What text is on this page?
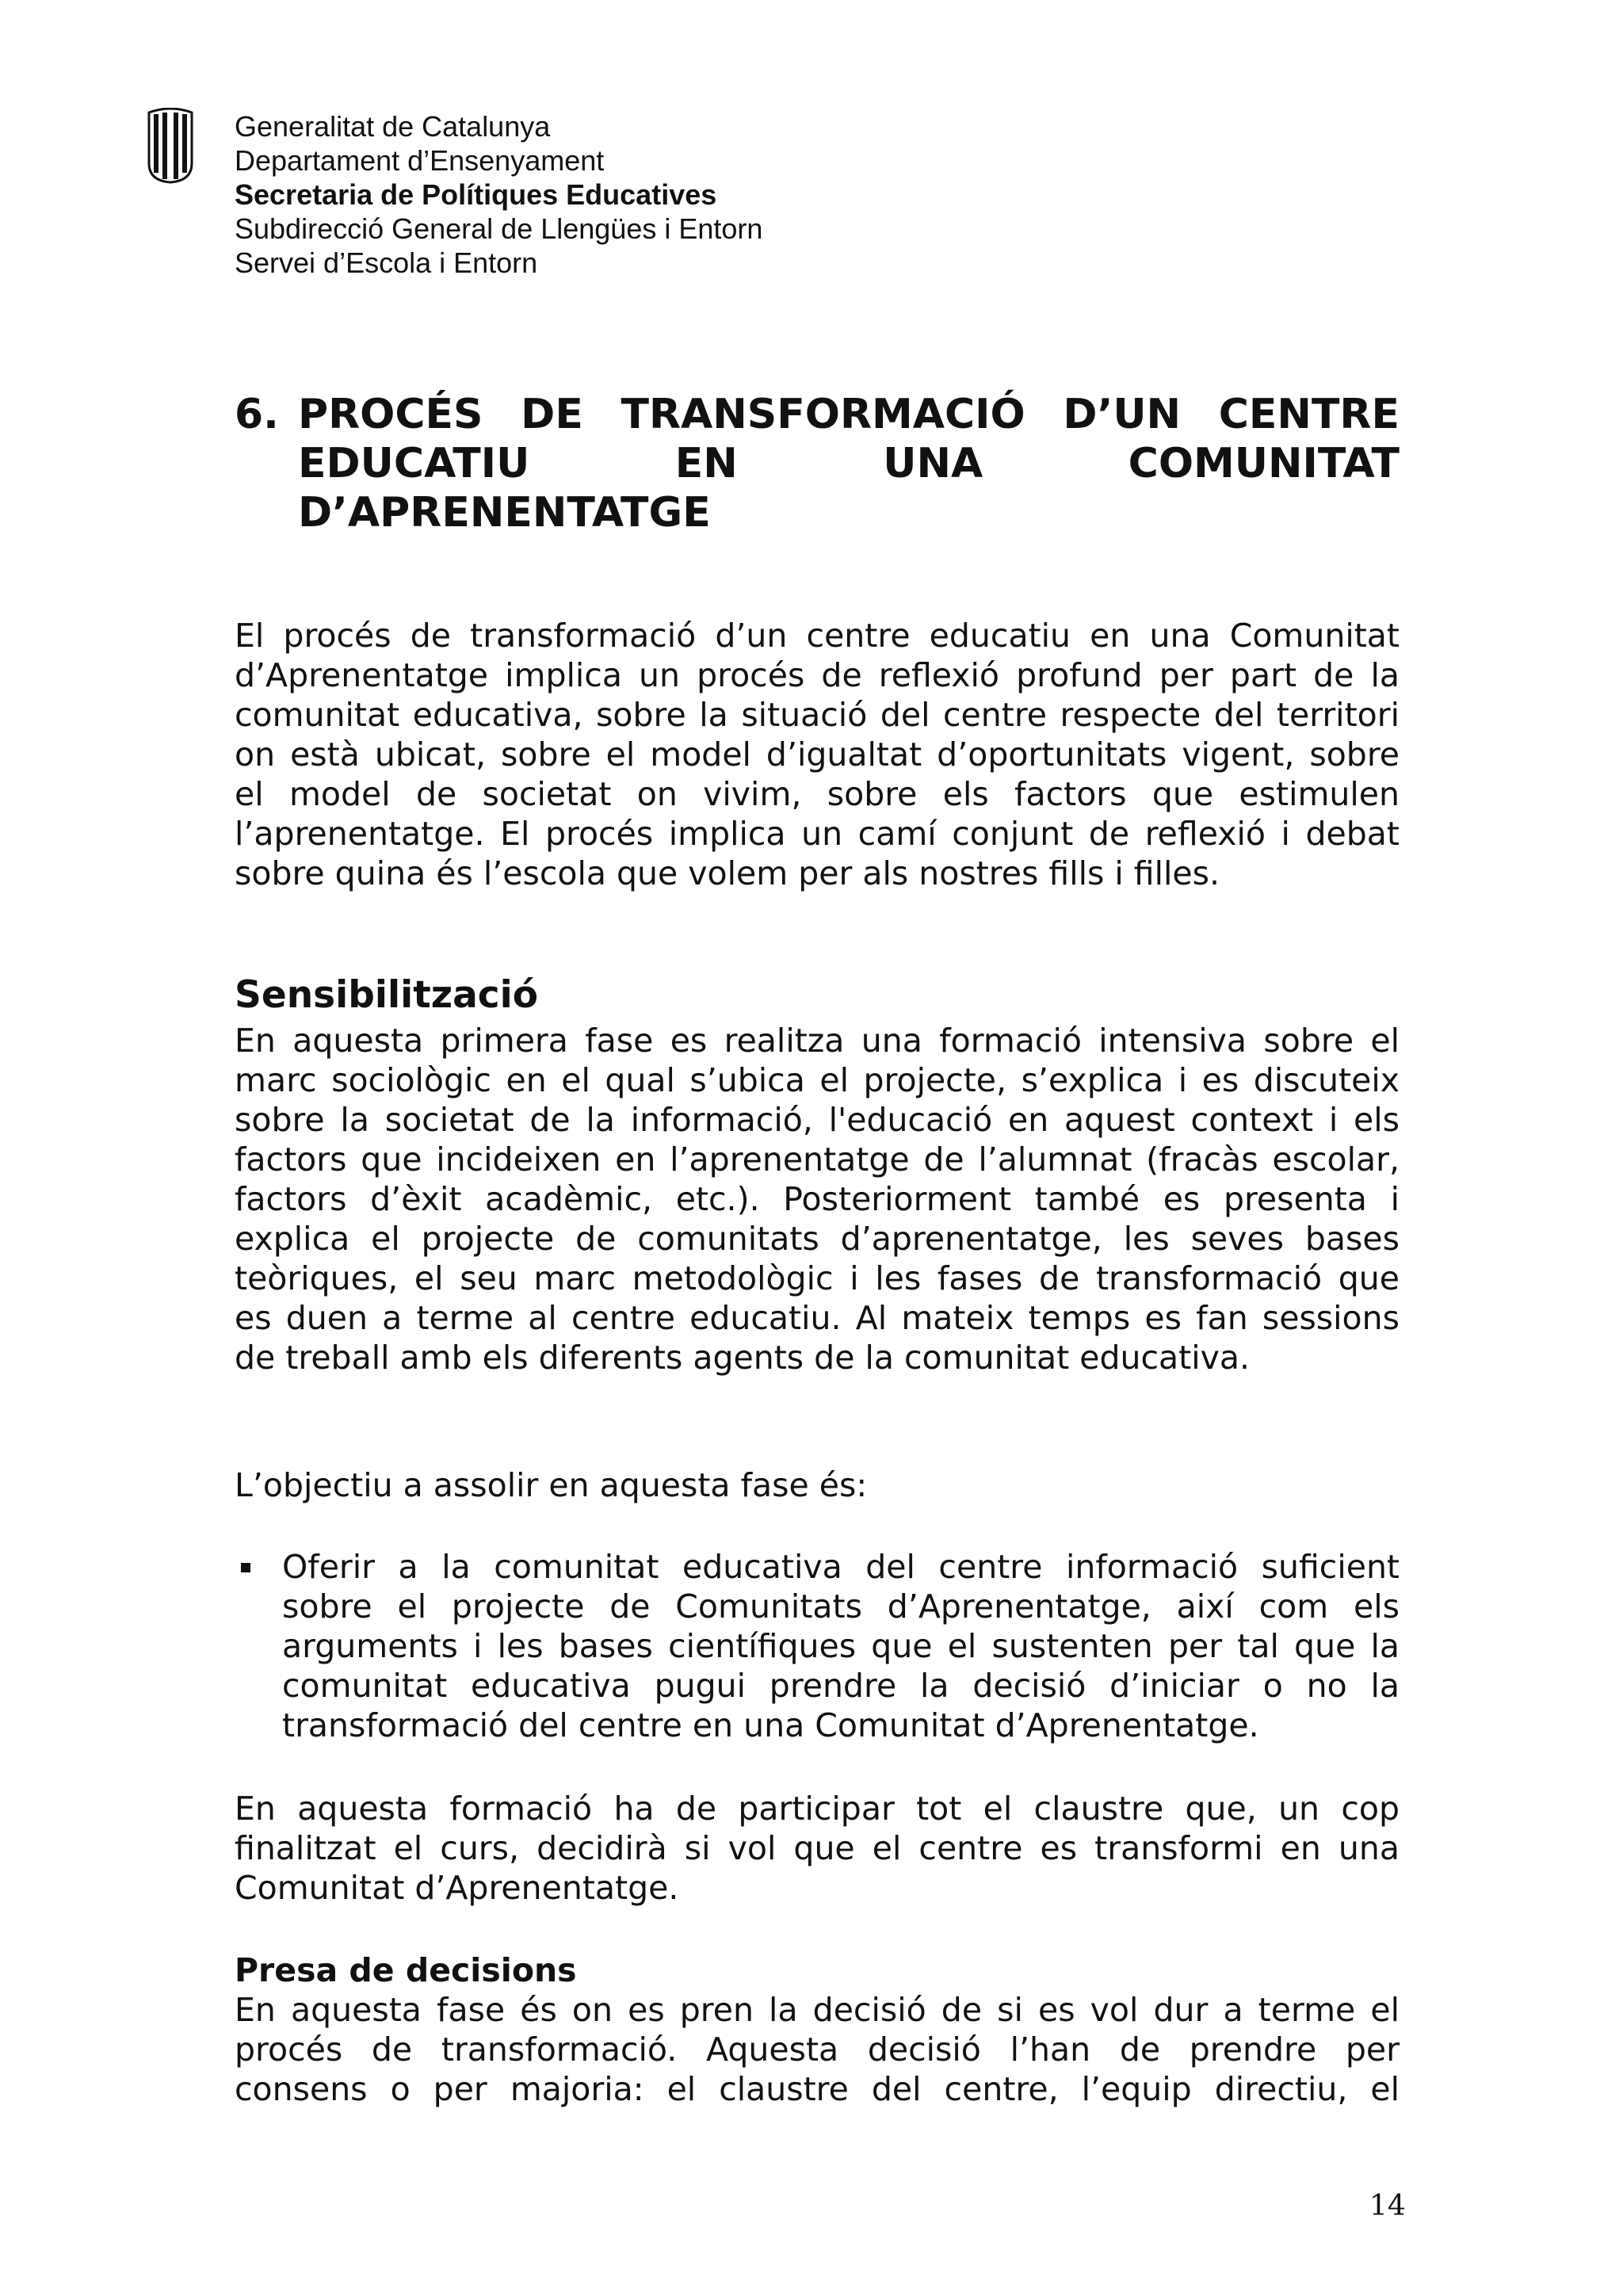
Generalitat de Catalunya
Departament d’Ensenyament
Secretaria de Polítiques Educatives
Subdirecció General de Llengües i Entorn
Servei d’Escola i Entorn
6. PROCÉS DE TRANSFORMACIÓ D’UN CENTRE
EDUCATIU EN UNA COMUNITAT
D’APRENENTATGE

El procés de transformació d’un centre educatiu en una Comunitat
d’Aprenentatge implica un procés de reflexió profund per part de la
comunitat educativa, sobre la situació del centre respecte del territori
on està ubicat, sobre el model d’igualtat d’oportunitats vigent, sobre
el model de societat on vivim, sobre els factors que estimulen
l’aprenentatge. El procés implica un camí conjunt de reflexió i debat
sobre quina és l’escola que volem per als nostres fills i filles.

Sensibilització

En aquesta primera fase es realitza una formació intensiva sobre el
marc sociològic en el qual s’ubica el projecte, s’explica i es discuteix
sobre la societat de la informació, l'educació en aquest context i els
factors que incideixen en l’aprenentatge de l’alumnat (fracàs escolar,
factors d’èxit acadèmic, etc.). Posteriorment també es presenta i
explica el projecte de comunitats d’aprenentatge, les seves bases
teòriques, el seu marc metodològic i les fases de transformació que
es duen a terme al centre educatiu. Al mateix temps es fan sessions
de treball amb els diferents agents de la comunitat educativa.

L’objectiu a assolir en aquesta fase és:

Oferir a la comunitat educativa del centre informació suficient
sobre el projecte de Comunitats d’Aprenentatge, així com els
arguments i les bases científiques que el sustenten per tal que la
comunitat educativa pugui prendre la decisió d’iniciar o no la
transformació del centre en una Comunitat d’Aprenentatge.

En aquesta formació ha de participar tot el claustre que, un cop
finalitzat el curs, decidirà si vol que el centre es transformi en una
Comunitat d’Aprenentatge.

Presa de decisions

En aquesta fase és on es pren la decisió de si es vol dur a terme el
procés de transformació. Aquesta decisió l’han de prendre per
consens o per majoria: el claustre del centre, l’equip directiu, el

14
